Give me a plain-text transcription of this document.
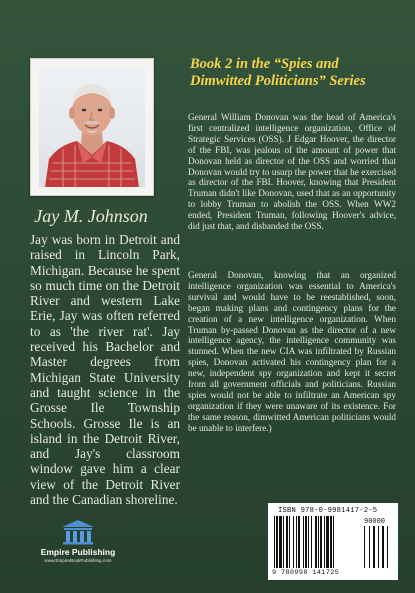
Jay M. Johnson

Jay was born in Detroit and raised in Lincoln Park, Michigan. Because he spent so much time on the Detroit River and western Lake Erie, Jay was often referred to as 'the river rat'. Jay received his Bachelor and Master degrees from Michigan State University and taught science in the Grosse Ile Township Schools. Grosse Ile is an island in the Detroit River, and Jay's classroom window gave him a clear view of the Detroit River and the Canadian shoreline.

Empire Publishing
www.EmpireBookPublishing.com

Book 2 in the “Spies and Dimwitted Politicians” Series

General William Donovan was the head of America's first centralized intelligence organization, Office of Strategic Services (OSS). J Edgar Hoover, the director of the FBI, was jealous of the amount of power that Donovan held as director of the OSS and worried that Donovan would try to usurp the power that he exercised as director of the FBI. Hoover, knowing that President Truman didn't like Donovan, used that as an opportunity to lobby Truman to abolish the OSS. When WW2 ended, President Truman, following Hoover's advice, did just that, and disbanded the OSS.

General Donovan, knowing that an organized intelligence organization was essential to America's survival and would have to be reestablished, soon, began making plans and contingency plans for the creation of a new intelligence organization. When Truman by-passed Donovan as the director of a new intelligence agency, the intelligence community was stunned. When the new CIA was infiltrated by Russian spies, Donovan activated his contingency plan for a new, independent spy organization and kept it secret from all government officials and politicians. Russian spies would not be able to infiltrate an American spy organization if they were unaware of its existence. For the same reason, dimwitted American politicians would be unable to interfere.)

ISBN 978-0-9981417-2-5
90000
9 780998 141725
